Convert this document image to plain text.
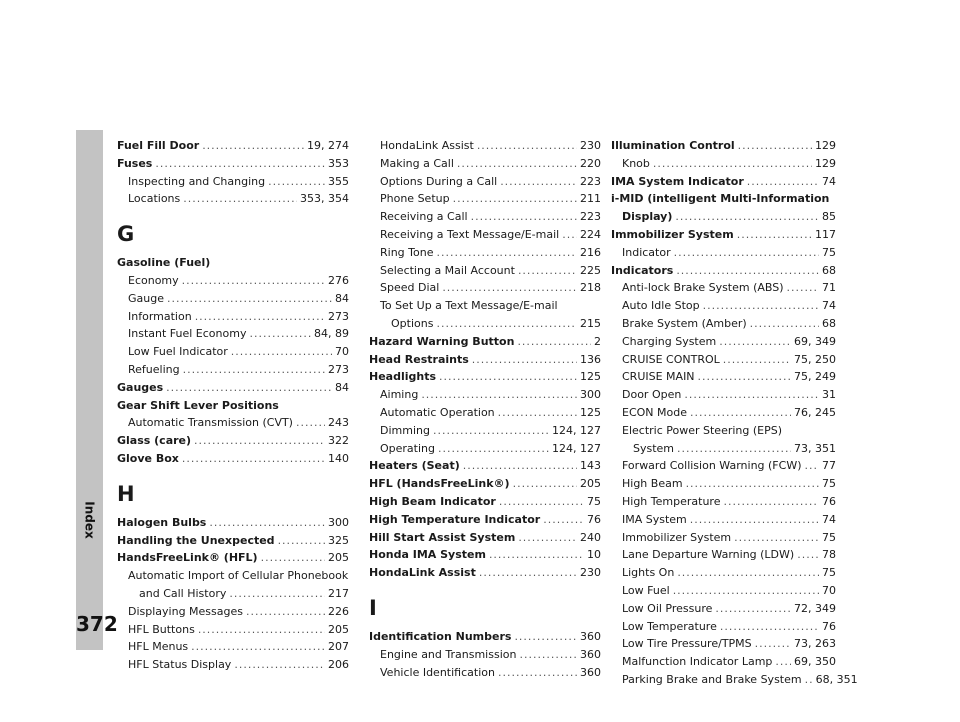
Index
Fuel Fill Door .....	19, 274
Fuses .....	353
Inspecting and Changing .....	355
Locations .....	353, 354
G
Gasoline (Fuel)
Economy .....	276
Gauge .....	84
Information .....	273
Instant Fuel Economy .....	84, 89
Low Fuel Indicator .....	70
Refueling .....	273
Gauges .....	84
Gear Shift Lever Positions
Automatic Transmission (CVT) .....	243
Glass (care) .....	322
Glove Box .....	140
H
Halogen Bulbs .....	300
Handling the Unexpected .....	325
HandsFreeLink® (HFL) .....	205
Automatic Import of Cellular Phonebook
and Call History .....	217
Displaying Messages .....	226
HFL Buttons .....	205
HFL Menus .....	207
HFL Status Display .....	206
HondaLink Assist .....	230
Making a Call .....	220
Options During a Call .....	223
Phone Setup .....	211
Receiving a Call .....	223
Receiving a Text Message/E-mail ..... 224
Ring Tone .....	216
Selecting a Mail Account .....	225
Speed Dial .....	218
To Set Up a Text Message/E-mail
Options .....	215
Hazard Warning Button .....	2
Head Restraints .....	136
Headlights .....	125
Aiming .....	300
Automatic Operation .....	125
Dimming .....	124, 127
Operating .....	124, 127
Heaters (Seat) .....	143
HFL (HandsFreeLink®) .....	205
High Beam Indicator .....	75
High Temperature Indicator .....	76
Hill Start Assist System .....	240
Honda IMA System .....	10
HondaLink Assist .....	230
I
Identification Numbers .....	360
Engine and Transmission .....	360
Vehicle Identification .....	360
Illumination Control .....	129
Knob .....	129
IMA System Indicator .....	74
i-MID (intelligent Multi-Information
Display) .....	85
Immobilizer System .....	117
Indicator .....	75
Indicators .....	68
Anti-lock Brake System (ABS) .....	71
Auto Idle Stop .....	74
Brake System (Amber) .....	68
Charging System .....	69, 349
CRUISE CONTROL .....	75, 250
CRUISE MAIN .....	75, 249
Door Open .....	31
ECON Mode .....	76, 245
Electric Power Steering (EPS)
System .....	73, 351
Forward Collision Warning (FCW) ..... 77
High Beam .....	75
High Temperature .....	76
IMA System .....	74
Immobilizer System .....	75
Lane Departure Warning (LDW) .....	78
Lights On .....	75
Low Fuel .....	70
Low Oil Pressure .....	72, 349
Low Temperature .....	76
Low Tire Pressure/TPMS .....	73, 263
Malfunction Indicator Lamp ..... 69, 350
Parking Brake and Brake System ..... 68, 351
372
